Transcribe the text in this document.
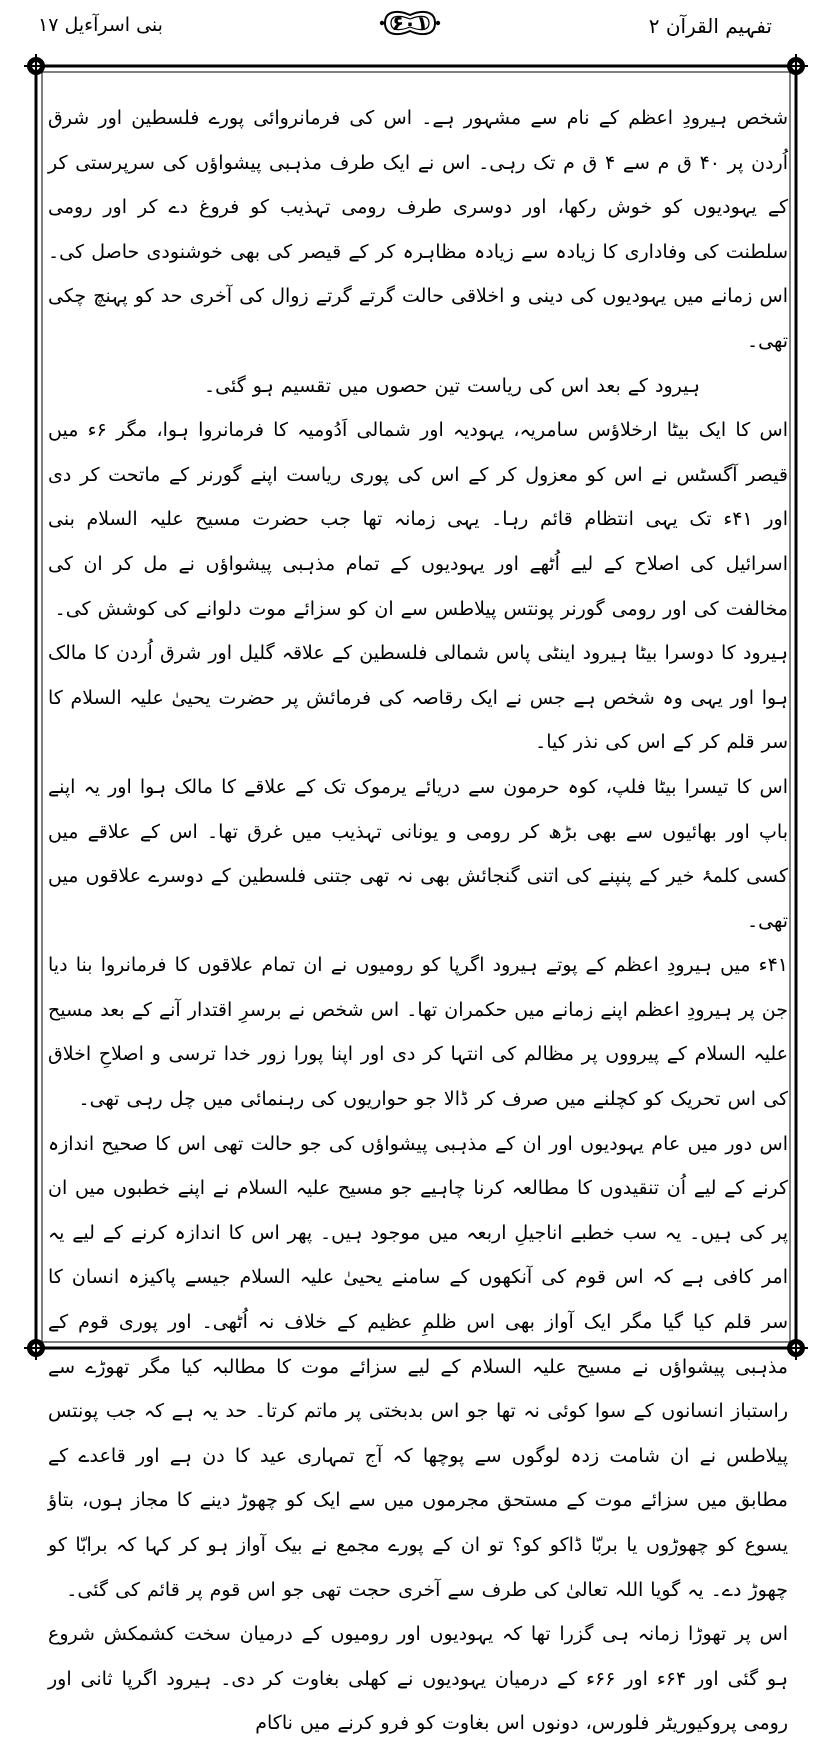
تفہیم القرآن ۲
۶۰۱
بنی اسرآءیل ۱۷

شخص ہیرودِ اعظم کے نام سے مشہور ہے۔ اس کی فرمانروائی پورے فلسطین اور شرق اُردن پر ۴۰ ق م سے ۴ ق م تک رہی۔ اس نے ایک طرف مذہبی پیشواؤں کی سرپرستی کر کے یہودیوں کو خوش رکھا، اور دوسری طرف رومی تہذیب کو فروغ دے کر اور رومی سلطنت کی وفاداری کا زیادہ سے زیادہ مظاہرہ کر کے قیصر کی بھی خوشنودی حاصل کی۔ اس زمانے میں یہودیوں کی دینی و اخلاقی حالت گرتے گرتے زوال کی آخری حد کو پہنچ چکی تھی۔

ہیرود کے بعد اس کی ریاست تین حصوں میں تقسیم ہو گئی۔

اس کا ایک بیٹا ارخلاؤس سامریہ، یہودیہ اور شمالی اَدُومیہ کا فرمانروا ہوا، مگر ۶ء میں قیصر آگسٹس نے اس کو معزول کر کے اس کی پوری ریاست اپنے گورنر کے ماتحت کر دی اور ۴۱ء تک یہی انتظام قائم رہا۔ یہی زمانہ تھا جب حضرت مسیح علیہ السلام بنی اسرائیل کی اصلاح کے لیے اُٹھے اور یہودیوں کے تمام مذہبی پیشواؤں نے مل کر ان کی مخالفت کی اور رومی گورنر پونتس پیلاطس سے ان کو سزائے موت دلوانے کی کوشش کی۔

ہیرود کا دوسرا بیٹا ہیرود اینٹی پاس شمالی فلسطین کے علاقہ گلیل اور شرق اُردن کا مالک ہوا اور یہی وہ شخص ہے جس نے ایک رقاصہ کی فرمائش پر حضرت یحییٰ علیہ السلام کا سر قلم کر کے اس کی نذر کیا۔

اس کا تیسرا بیٹا فلپ، کوہ حرمون سے دریائے یرموک تک کے علاقے کا مالک ہوا اور یہ اپنے باپ اور بھائیوں سے بھی بڑھ کر رومی و یونانی تہذیب میں غرق تھا۔ اس کے علاقے میں کسی کلمۂ خیر کے پنپنے کی اتنی گنجائش بھی نہ تھی جتنی فلسطین کے دوسرے علاقوں میں تھی۔

۴۱ء میں ہیرودِ اعظم کے پوتے ہیرود اگرپا کو رومیوں نے ان تمام علاقوں کا فرمانروا بنا دیا جن پر ہیرودِ اعظم اپنے زمانے میں حکمران تھا۔ اس شخص نے برسرِ اقتدار آنے کے بعد مسیح علیہ السلام کے پیرووں پر مظالم کی انتہا کر دی اور اپنا پورا زور خدا ترسی و اصلاحِ اخلاق کی اس تحریک کو کچلنے میں صرف کر ڈالا جو حواریوں کی رہنمائی میں چل رہی تھی۔

اس دور میں عام یہودیوں اور ان کے مذہبی پیشواؤں کی جو حالت تھی اس کا صحیح اندازہ کرنے کے لیے اُن تنقیدوں کا مطالعہ کرنا چاہیے جو مسیح علیہ السلام نے اپنے خطبوں میں ان پر کی ہیں۔ یہ سب خطبے اناجیلِ اربعہ میں موجود ہیں۔ پھر اس کا اندازہ کرنے کے لیے یہ امر کافی ہے کہ اس قوم کی آنکھوں کے سامنے یحییٰ علیہ السلام جیسے پاکیزہ انسان کا سر قلم کیا گیا مگر ایک آواز بھی اس ظلمِ عظیم کے خلاف نہ اُٹھی۔ اور پوری قوم کے مذہبی پیشواؤں نے مسیح علیہ السلام کے لیے سزائے موت کا مطالبہ کیا مگر تھوڑے سے راستباز انسانوں کے سوا کوئی نہ تھا جو اس بدبختی پر ماتم کرتا۔ حد یہ ہے کہ جب پونتس پیلاطس نے ان شامت زدہ لوگوں سے پوچھا کہ آج تمہاری عید کا دن ہے اور قاعدے کے مطابق میں سزائے موت کے مستحق مجرموں میں سے ایک کو چھوڑ دینے کا مجاز ہوں، بتاؤ یسوع کو چھوڑوں یا بربّا ڈاکو کو؟ تو ان کے پورے مجمع نے بیک آواز ہو کر کہا کہ برابّا کو چھوڑ دے۔ یہ گویا اللہ تعالیٰ کی طرف سے آخری حجت تھی جو اس قوم پر قائم کی گئی۔

اس پر تھوڑا زمانہ ہی گزرا تھا کہ یہودیوں اور رومیوں کے درمیان سخت کشمکش شروع ہو گئی اور ۶۴ء اور ۶۶ء کے درمیان یہودیوں نے کھلی بغاوت کر دی۔ ہیرود اگرپا ثانی اور رومی پروکیوریٹر فلورس، دونوں اس بغاوت کو فرو کرنے میں ناکام
